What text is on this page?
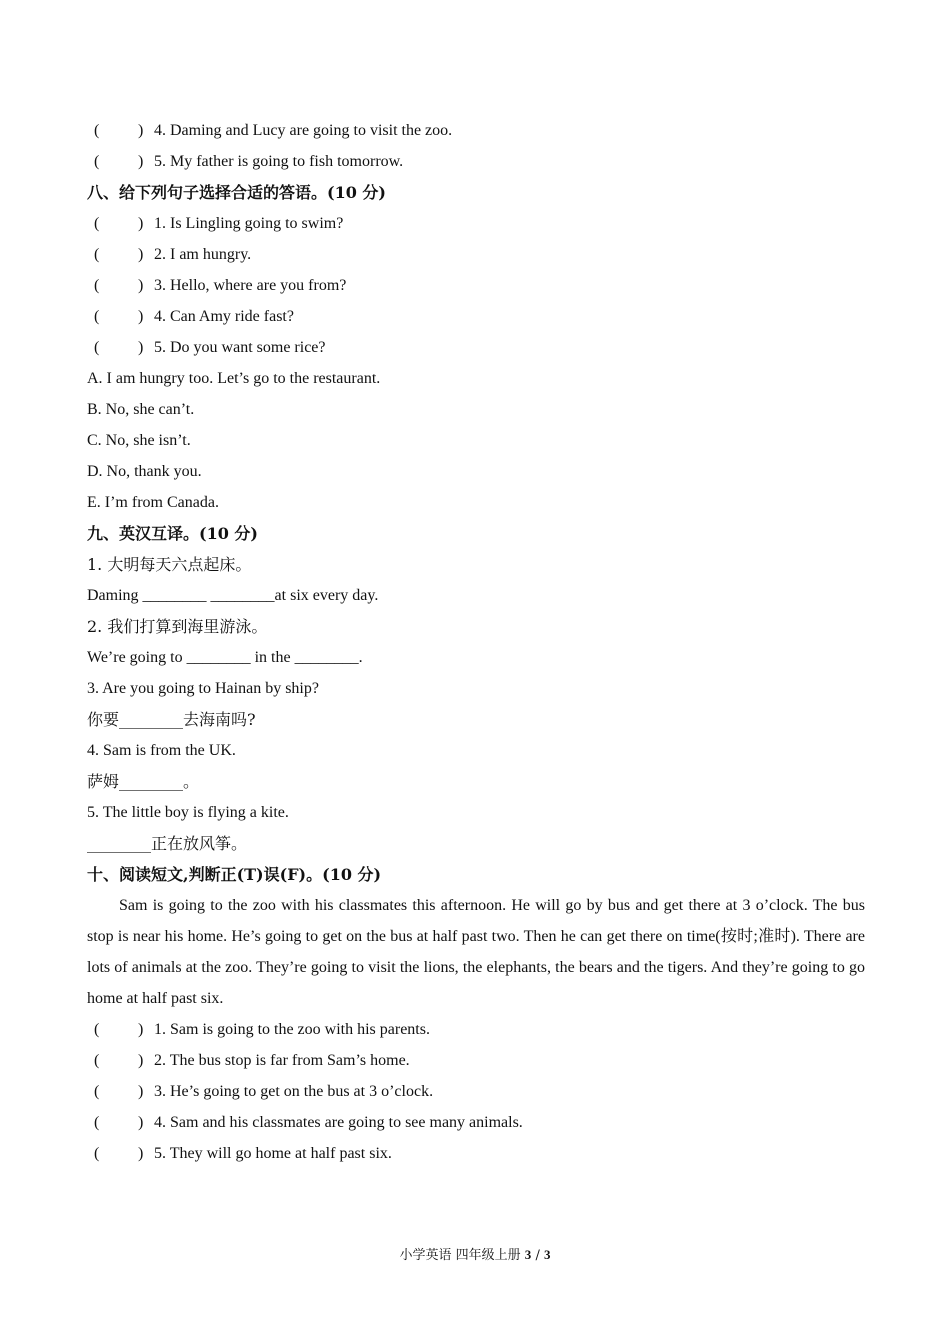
( ) 4. Daming and Lucy are going to visit the zoo.
( ) 5. My father is going to fish tomorrow.
八、给下列句子选择合适的答语。(10 分)
( ) 1. Is Lingling going to swim?
( ) 2. I am hungry.
( ) 3. Hello, where are you from?
( ) 4. Can Amy ride fast?
( ) 5. Do you want some rice?
A. I am hungry too. Let’s go to the restaurant.
B. No, she can’t.
C. No, she isn’t.
D. No, thank you.
E. I’m from Canada.
九、英汉互译。(10 分)
1. 大明每天六点起床。
Daming ________ ________at six every day.
2. 我们打算到海里游泳。
We’re going to ________ in the ________.
3. Are you going to Hainan by ship?
你要________去海南吗?
4. Sam is from the UK.
萨姆________。
5. The little boy is flying a kite.
________正在放风筝。
十、阅读短文,判断正(T)误(F)。(10 分)

Sam is going to the zoo with his classmates this afternoon. He will go by bus and get there at 3 o’clock. The bus stop is near his home. He’s going to get on the bus at half past two. Then he can get there on time(按时;准时). There are lots of animals at the zoo. They’re going to visit the lions, the elephants, the bears and the tigers. And they’re going to go home at half past six.

( ) 1. Sam is going to the zoo with his parents.
( ) 2. The bus stop is far from Sam’s home.
( ) 3. He’s going to get on the bus at 3 o’clock.
( ) 4. Sam and his classmates are going to see many animals.
( ) 5. They will go home at half past six.
小学英语 四年级上册 3 / 3
